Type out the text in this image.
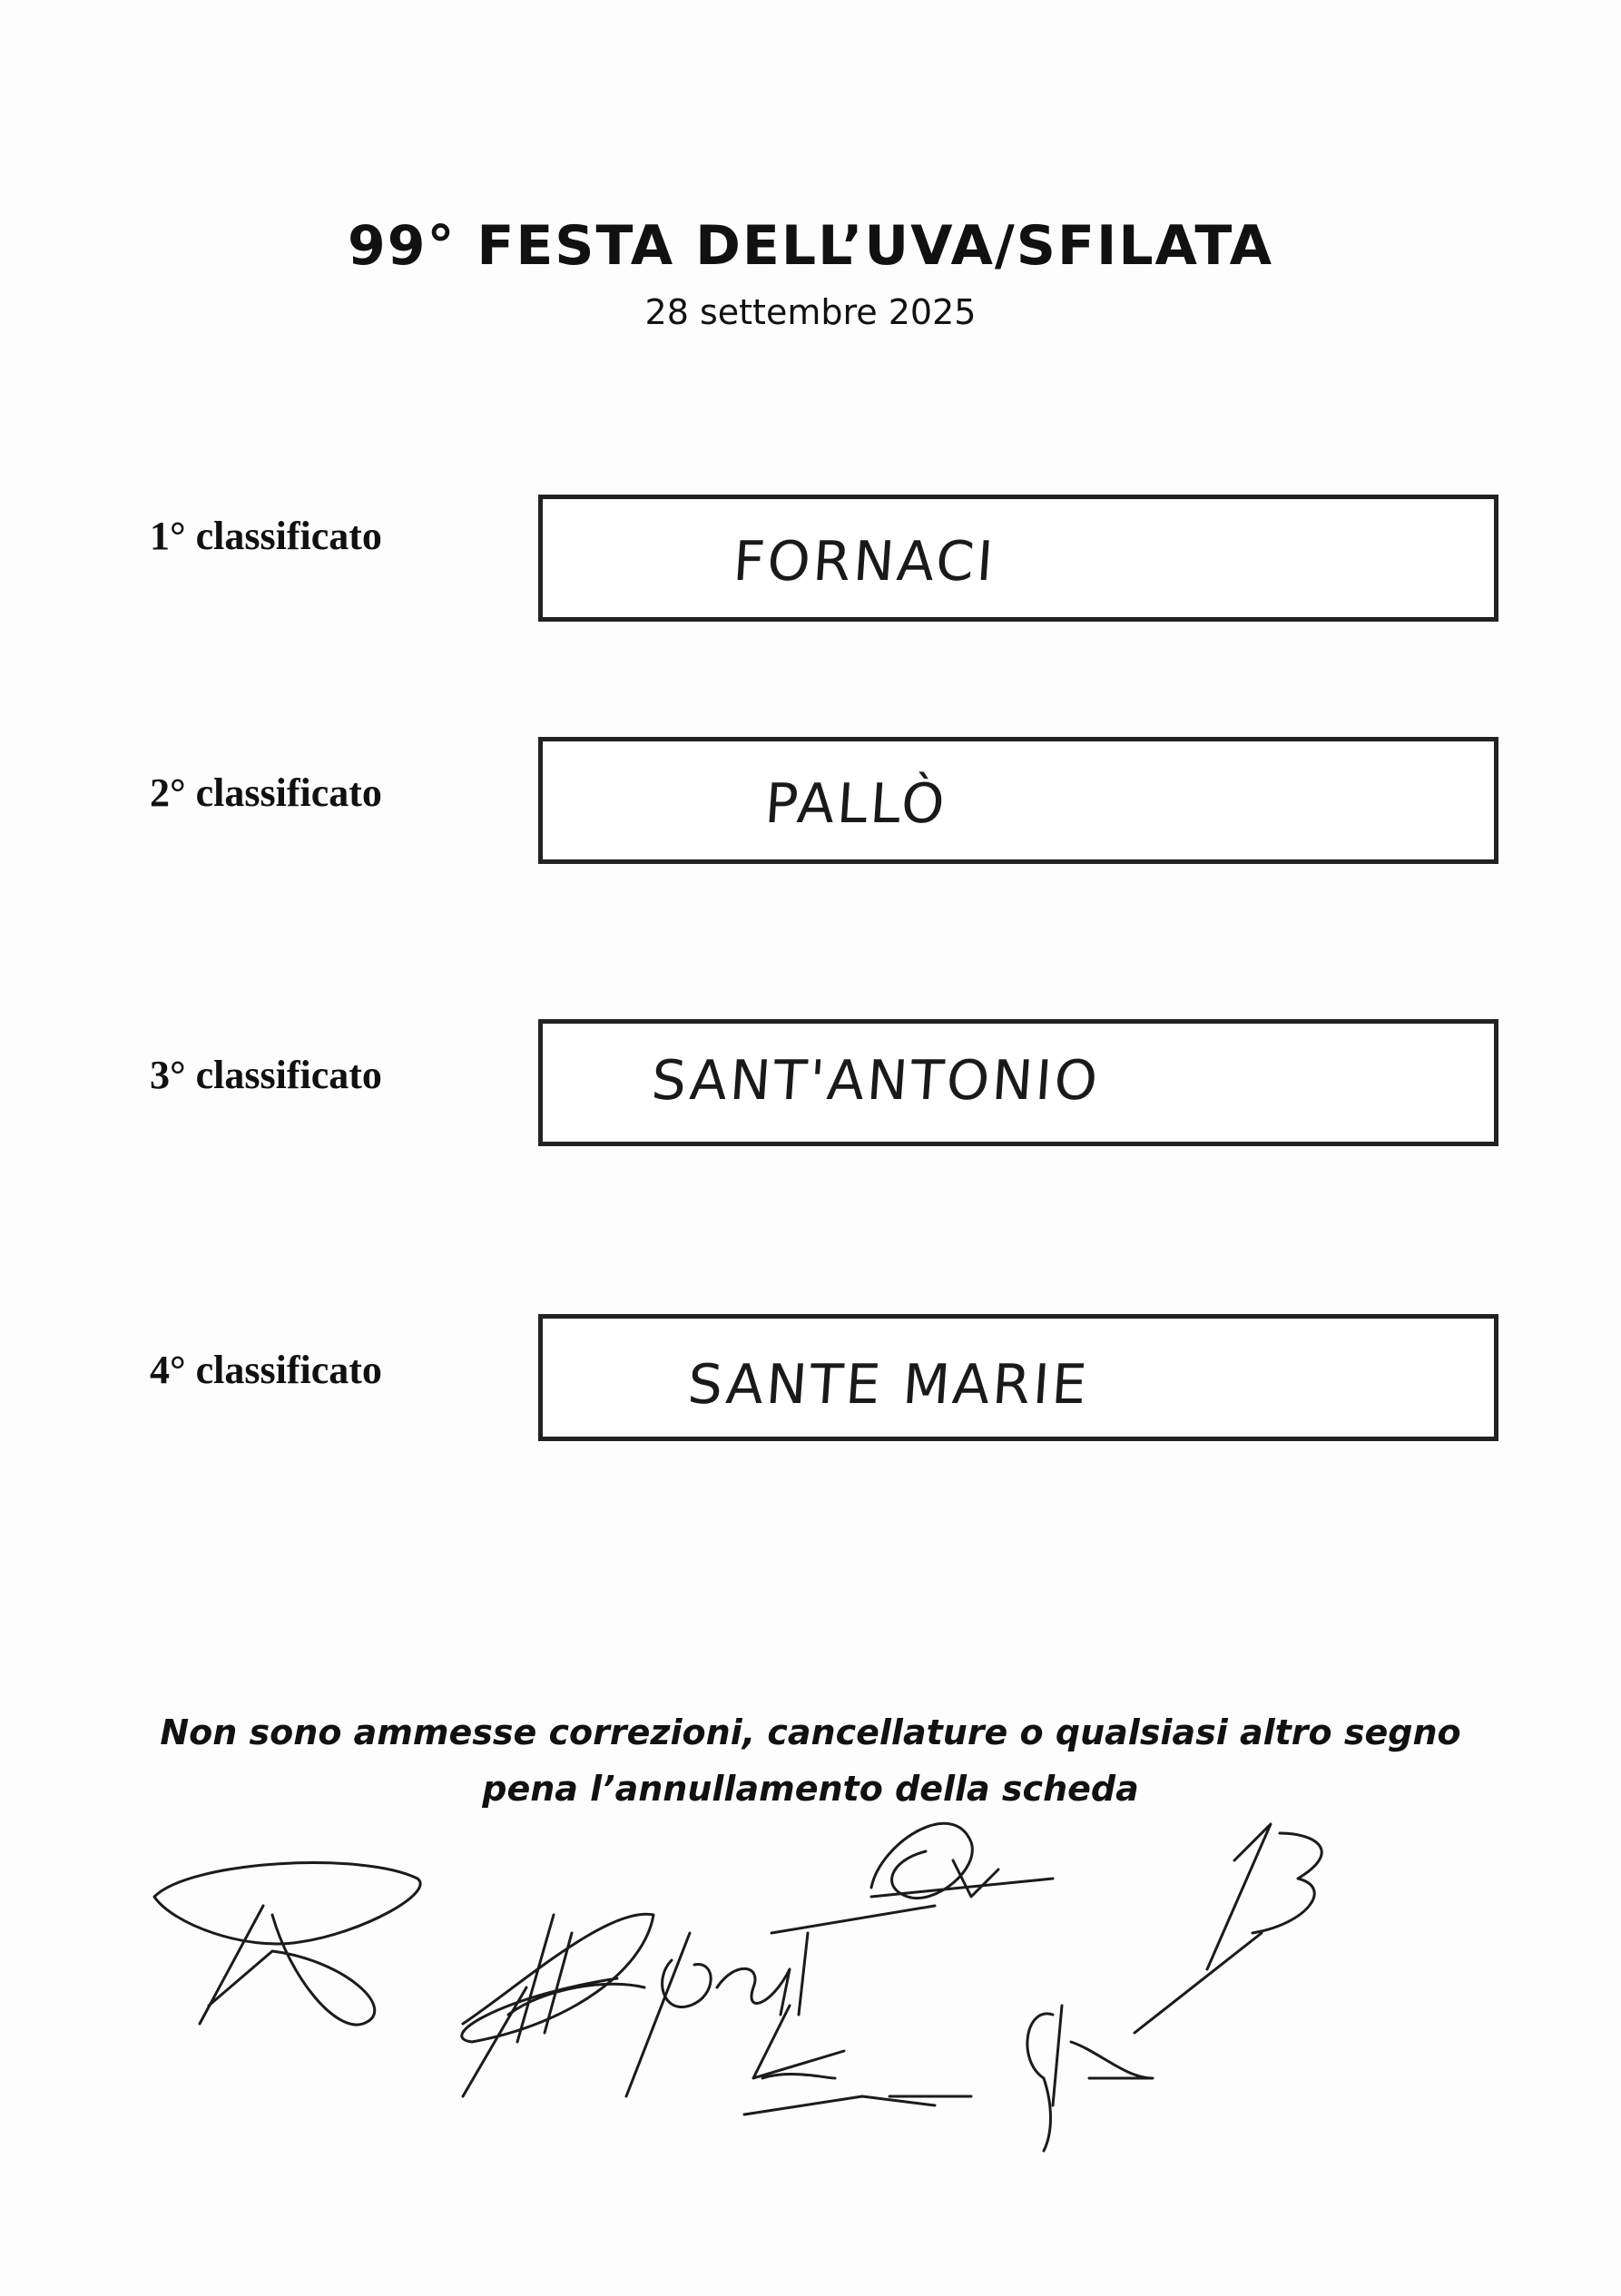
99° FESTA DELL’UVA/SFILATA

28 settembre 2025

1° classificato	FORNACI
2° classificato	PALLÒ
3° classificato	SANT'ANTONIO
4° classificato	SANTE MARIE
Non sono ammesse correzioni, cancellature o qualsiasi altro segno
pena l’annullamento della scheda
